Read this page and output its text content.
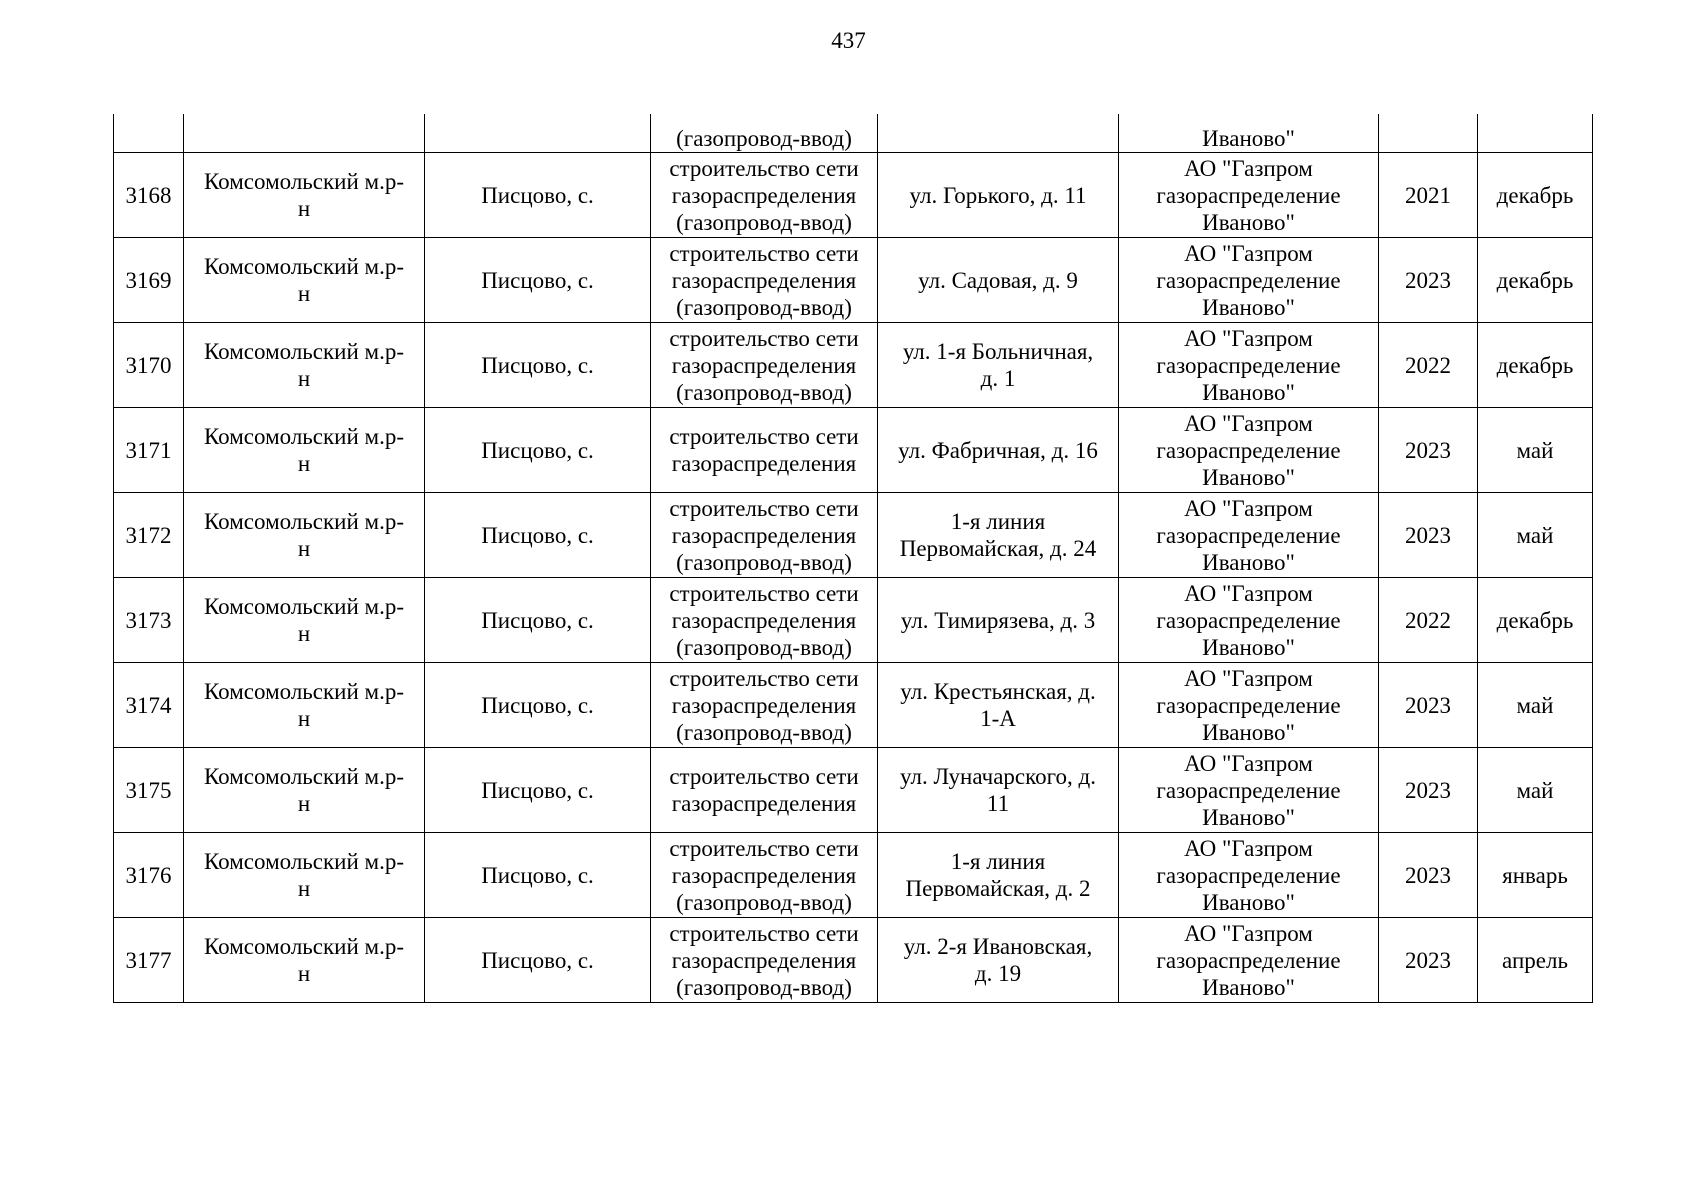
437

			(газопровод-ввод)		Иваново"		

3168	Комсомольский м.р-
н	Писцово, с.	строительство сети
газораспределения
(газопровод-ввод)	ул. Горького, д. 11	АО "Газпром
газораспределение
Иваново"	2021	декабрь
3169	Комсомольский м.р-
н	Писцово, с.	строительство сети
газораспределения
(газопровод-ввод)	ул. Садовая, д. 9	АО "Газпром
газораспределение
Иваново"	2023	декабрь
3170	Комсомольский м.р-
н	Писцово, с.	строительство сети
газораспределения
(газопровод-ввод)	ул. 1-я Больничная,
д. 1	АО "Газпром
газораспределение
Иваново"	2022	декабрь
3171	Комсомольский м.р-
н	Писцово, с.	строительство сети
газораспределения	ул. Фабричная, д. 16	АО "Газпром
газораспределение
Иваново"	2023	май
3172	Комсомольский м.р-
н	Писцово, с.	строительство сети
газораспределения
(газопровод-ввод)	1-я линия
Первомайская, д. 24	АО "Газпром
газораспределение
Иваново"	2023	май
3173	Комсомольский м.р-
н	Писцово, с.	строительство сети
газораспределения
(газопровод-ввод)	ул. Тимирязева, д. 3	АО "Газпром
газораспределение
Иваново"	2022	декабрь
3174	Комсомольский м.р-
н	Писцово, с.	строительство сети
газораспределения
(газопровод-ввод)	ул. Крестьянская, д.
1-А	АО "Газпром
газораспределение
Иваново"	2023	май
3175	Комсомольский м.р-
н	Писцово, с.	строительство сети
газораспределения	ул. Луначарского, д.
11	АО "Газпром
газораспределение
Иваново"	2023	май
3176	Комсомольский м.р-
н	Писцово, с.	строительство сети
газораспределения
(газопровод-ввод)	1-я линия
Первомайская, д. 2	АО "Газпром
газораспределение
Иваново"	2023	январь
3177	Комсомольский м.р-
н	Писцово, с.	строительство сети
газораспределения
(газопровод-ввод)	ул. 2-я Ивановская,
д. 19	АО "Газпром
газораспределение
Иваново"	2023	апрель
